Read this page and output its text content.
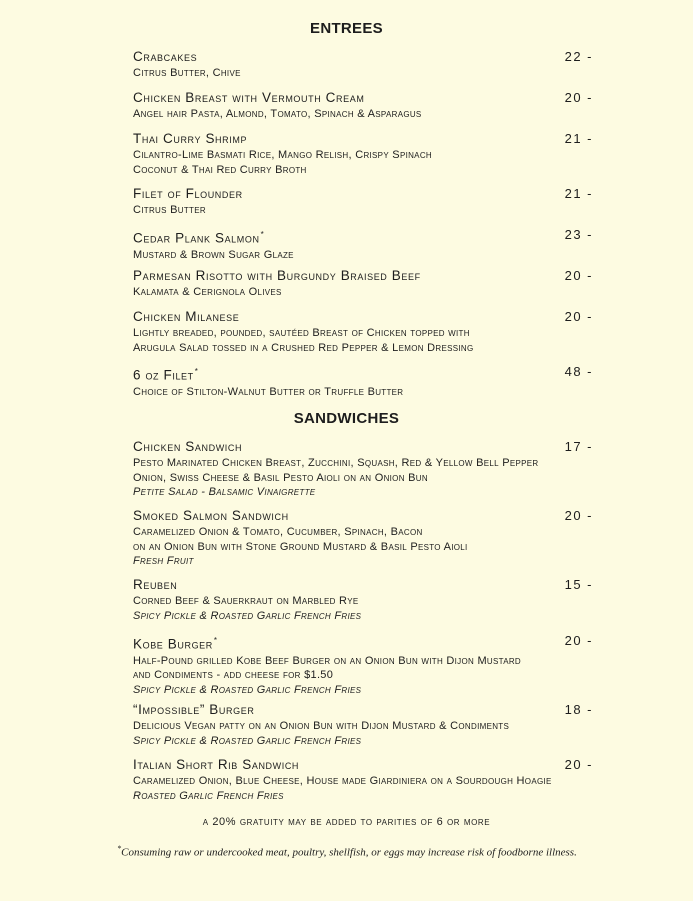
ENTREES
Crabcakes	22 -
Citrus Butter, Chive
Chicken Breast with Vermouth Cream	20 -
Angel hair Pasta, Almond, Tomato, Spinach & Asparagus
Thai Curry Shrimp	21 -
Cilantro-Lime Basmati Rice, Mango Relish, Crispy Spinach
Coconut & Thai Red Curry Broth
Filet of Flounder	21 -
Citrus Butter
Cedar Plank Salmon*	23 -
Mustard & Brown Sugar Glaze
Parmesan Risotto with Burgundy Braised Beef	20 -
Kalamata & Cerignola Olives
Chicken Milanese	20 -
Lightly breaded, pounded, sautéed Breast of Chicken topped with
Arugula Salad tossed in a Crushed Red Pepper & Lemon Dressing
6 oz Filet*	48 -
Choice of Stilton-Walnut Butter or Truffle Butter
SANDWICHES
Chicken Sandwich	17 -
Pesto Marinated Chicken Breast, Zucchini, Squash, Red & Yellow Bell Pepper
Onion, Swiss Cheese & Basil Pesto Aioli on an Onion Bun
Petite Salad - Balsamic Vinaigrette
Smoked Salmon Sandwich	20 -
Caramelized Onion & Tomato, Cucumber, Spinach, Bacon
on an Onion Bun with Stone Ground Mustard & Basil Pesto Aioli
Fresh Fruit
Reuben	15 -
Corned Beef & Sauerkraut on Marbled Rye
Spicy Pickle & Roasted Garlic French Fries
Kobe Burger*	20 -
Half-Pound grilled Kobe Beef Burger on an Onion Bun with Dijon Mustard
and Condiments - add cheese for $1.50
Spicy Pickle & Roasted Garlic French Fries
“Impossible” Burger	18 -
Delicious Vegan patty on an Onion Bun with Dijon Mustard & Condiments
Spicy Pickle & Roasted Garlic French Fries
Italian Short Rib Sandwich	20 -
Caramelized Onion, Blue Cheese, House made Giardiniera on a Sourdough Hoagie
Roasted Garlic French Fries
a 20% gratuity may be added to parities of 6 or more
*Consuming raw or undercooked meat, poultry, shellfish, or eggs may increase risk of foodborne illness.
